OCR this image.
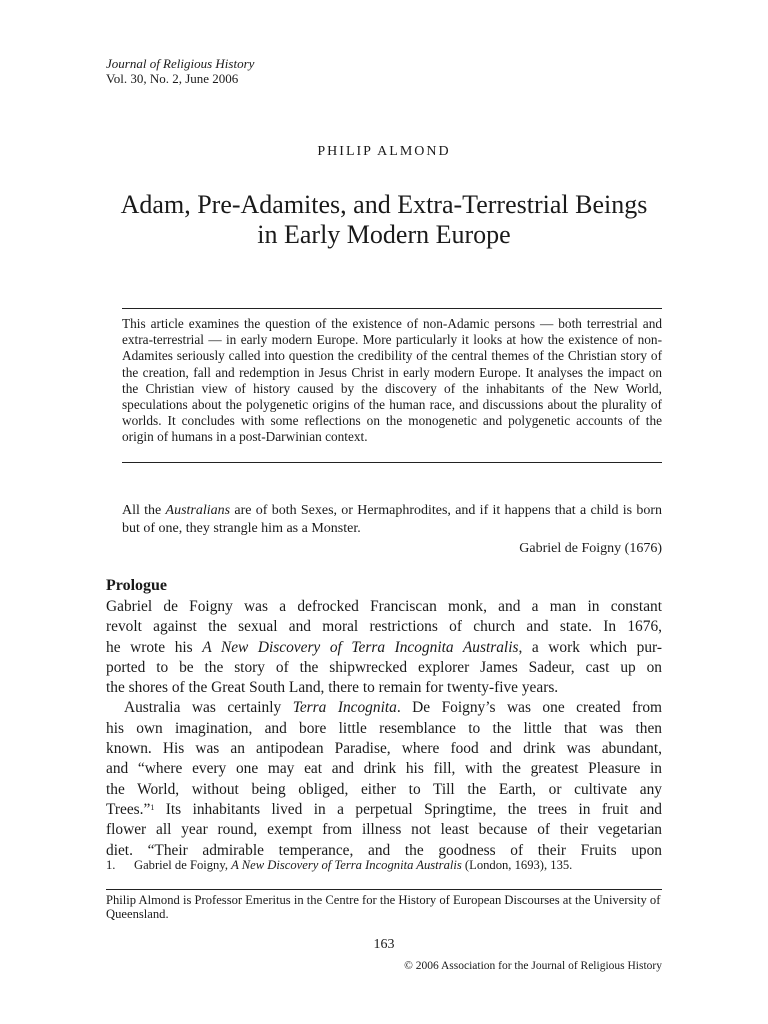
Journal of Religious History
Vol. 30, No. 2, June 2006
PHILIP ALMOND
Adam, Pre-Adamites, and Extra-Terrestrial Beings
in Early Modern Europe
This article examines the question of the existence of non-Adamic persons — both terrestrial and extra-terrestrial — in early modern Europe. More particularly it looks at how the existence of non-Adamites seriously called into question the credibility of the central themes of the Christian story of the creation, fall and redemption in Jesus Christ in early modern Europe. It analyses the impact on the Christian view of history caused by the discovery of the inhabitants of the New World, speculations about the polygenetic origins of the human race, and discussions about the plurality of worlds. It concludes with some reflections on the monogenetic and polygenetic accounts of the origin of humans in a post-Darwinian context.
All the Australians are of both Sexes, or Hermaphrodites, and if it happens that a child is born but of one, they strangle him as a Monster.
Gabriel de Foigny (1676)
Prologue

Gabriel de Foigny was a defrocked Franciscan monk, and a man in constant
revolt against the sexual and moral restrictions of church and state. In 1676,
he wrote his A New Discovery of Terra Incognita Australis, a work which pur-
ported to be the story of the shipwrecked explorer James Sadeur, cast up on
the shores of the Great South Land, there to remain for twenty-five years.

Australia was certainly Terra Incognita. De Foigny’s was one created from
his own imagination, and bore little resemblance to the little that was then
known. His was an antipodean Paradise, where food and drink was abundant,
and “where every one may eat and drink his fill, with the greatest Pleasure in
the World, without being obliged, either to Till the Earth, or cultivate any
Trees.”$^1$ Its inhabitants lived in a perpetual Springtime, the trees in fruit and
flower all year round, exempt from illness not least because of their vegetarian
diet. “Their admirable temperance, and the goodness of their Fruits upon

1. Gabriel de Foigny, A New Discovery of Terra Incognita Australis (London, 1693), 135.
Philip Almond is Professor Emeritus in the Centre for the History of European Discourses at the University of Queensland.
163
© 2006 Association for the Journal of Religious History
